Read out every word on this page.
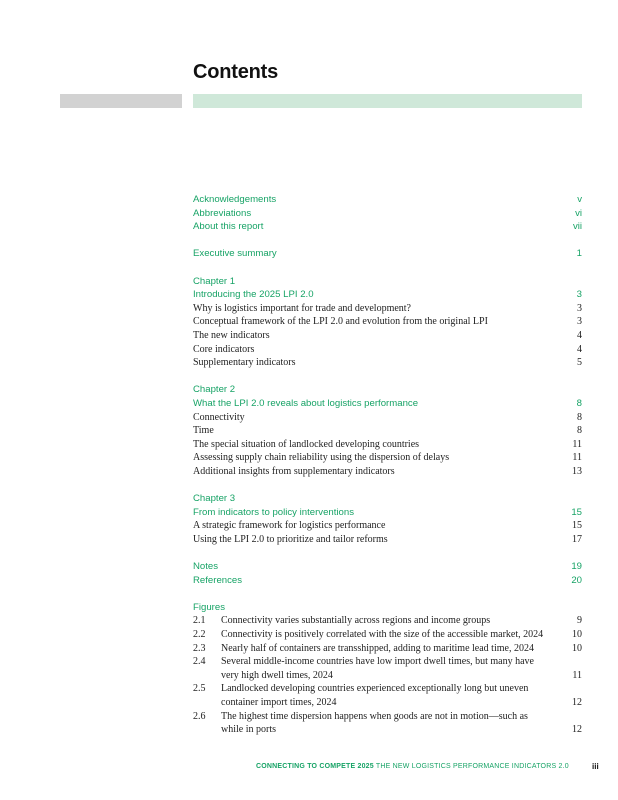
Contents
Acknowledgements	v
Abbreviations	vi
About this report	vii
Executive summary	1
Chapter 1
Introducing the 2025 LPI 2.0	3
Why is logistics important for trade and development?	3
Conceptual framework of the LPI 2.0 and evolution from the original LPI	3
The new indicators	4
Core indicators	4
Supplementary indicators	5
Chapter 2
What the LPI 2.0 reveals about logistics performance	8
Connectivity	8
Time	8
The special situation of landlocked developing countries	11
Assessing supply chain reliability using the dispersion of delays	11
Additional insights from supplementary indicators	13
Chapter 3
From indicators to policy interventions	15
A strategic framework for logistics performance	15
Using the LPI 2.0 to prioritize and tailor reforms	17
Notes	19
References	20
Figures
2.1	Connectivity varies substantially across regions and income groups	9
2.2	Connectivity is positively correlated with the size of the accessible market, 2024	10
2.3	Nearly half of containers are transshipped, adding to maritime lead time, 2024	10
2.4	Several middle-income countries have low import dwell times, but many have very high dwell times, 2024	11
2.5	Landlocked developing countries experienced exceptionally long but uneven container import times, 2024	12
2.6	The highest time dispersion happens when goods are not in motion—such as while in ports	12
CONNECTING TO COMPETE 2025 THE NEW LOGISTICS PERFORMANCE INDICATORS 2.0	iii
